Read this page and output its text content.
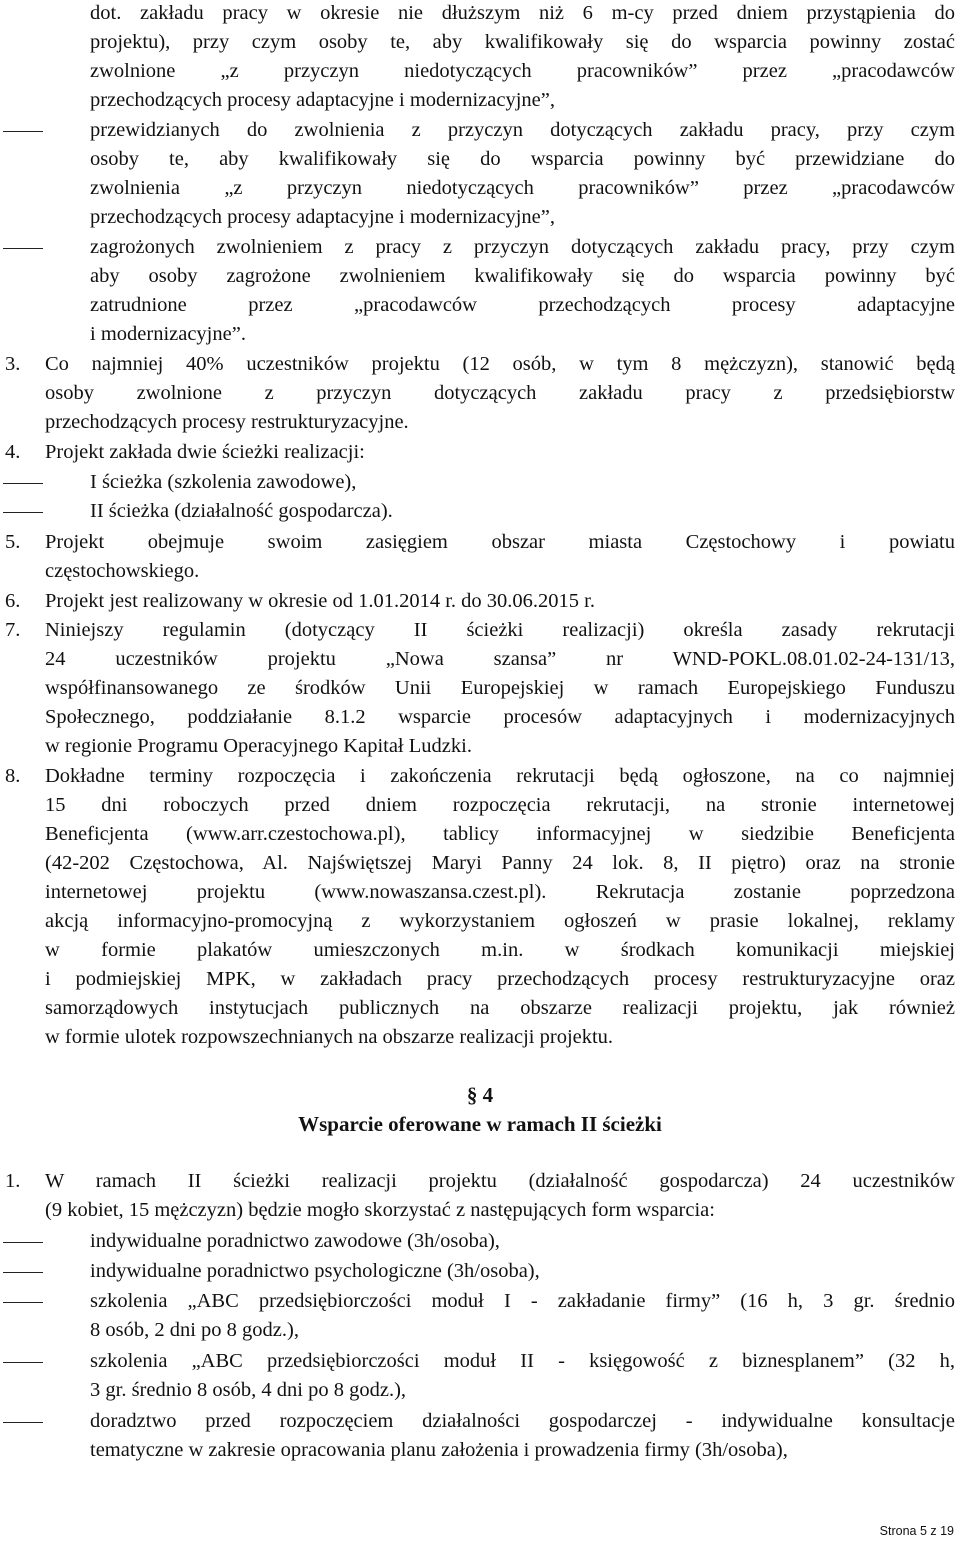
dot. zakładu pracy w okresie nie dłuższym niż 6 m-cy przed dniem przystąpienia do
projektu), przy czym osoby te, aby kwalifikowały się do wsparcia powinny zostać
zwolnione „z przyczyn niedotyczących pracowników” przez „pracodawców
przechodzących procesy adaptacyjne i modernizacyjne”,
przewidzianych do zwolnienia z przyczyn dotyczących zakładu pracy, przy czym
osoby te, aby kwalifikowały się do wsparcia powinny być przewidziane do
zwolnienia „z przyczyn niedotyczących pracowników” przez „pracodawców
przechodzących procesy adaptacyjne i modernizacyjne”,
zagrożonych zwolnieniem z pracy z przyczyn dotyczących zakładu pracy, przy czym
aby osoby zagrożone zwolnieniem kwalifikowały się do wsparcia powinny być
zatrudnione przez „pracodawców przechodzących procesy adaptacyjne
i modernizacyjne”.
3. Co najmniej 40% uczestników projektu (12 osób, w tym 8 mężczyzn), stanowić będą
osoby zwolnione z przyczyn dotyczących zakładu pracy z przedsiębiorstw
przechodzących procesy restrukturyzacyjne.
4. Projekt zakłada dwie ścieżki realizacji:
I ścieżka (szkolenia zawodowe),
II ścieżka (działalność gospodarcza).
5. Projekt obejmuje swoim zasięgiem obszar miasta Częstochowy i powiatu
częstochowskiego.
6. Projekt jest realizowany w okresie od 1.01.2014 r. do 30.06.2015 r.
7. Niniejszy regulamin (dotyczący II ścieżki realizacji) określa zasady rekrutacji
24 uczestników projektu „Nowa szansa” nr WND-POKL.08.01.02-24-131/13,
współfinansowanego ze środków Unii Europejskiej w ramach Europejskiego Funduszu
Społecznego, poddziałanie 8.1.2 wsparcie procesów adaptacyjnych i modernizacyjnych
w regionie Programu Operacyjnego Kapitał Ludzki.
8. Dokładne terminy rozpoczęcia i zakończenia rekrutacji będą ogłoszone, na co najmniej
15 dni roboczych przed dniem rozpoczęcia rekrutacji, na stronie internetowej
Beneficjenta (www.arr.czestochowa.pl), tablicy informacyjnej w siedzibie Beneficjenta
(42-202 Częstochowa, Al. Najświętszej Maryi Panny 24 lok. 8, II piętro) oraz na stronie
internetowej projektu (www.nowaszansa.czest.pl). Rekrutacja zostanie poprzedzona
akcją informacyjno-promocyjną z wykorzystaniem ogłoszeń w prasie lokalnej, reklamy
w formie plakatów umieszczonych m.in. w środkach komunikacji miejskiej
i podmiejskiej MPK, w zakładach pracy przechodzących procesy restrukturyzacyjne oraz
samorządowych instytucjach publicznych na obszarze realizacji projektu, jak również
w formie ulotek rozpowszechnianych na obszarze realizacji projektu.
§ 4
Wsparcie oferowane w ramach II ścieżki
1. W ramach II ścieżki realizacji projektu (działalność gospodarcza) 24 uczestników
(9 kobiet, 15 mężczyzn) będzie mogło skorzystać z następujących form wsparcia:
indywidualne poradnictwo zawodowe (3h/osoba),
indywidualne poradnictwo psychologiczne (3h/osoba),
szkolenia „ABC przedsiębiorczości moduł I - zakładanie firmy” (16 h, 3 gr. średnio
8 osób, 2 dni po 8 godz.),
szkolenia „ABC przedsiębiorczości moduł II - księgowość z biznesplanem” (32 h,
3 gr. średnio 8 osób, 4 dni po 8 godz.),
doradztwo przed rozpoczęciem działalności gospodarczej - indywidualne konsultacje
tematyczne w zakresie opracowania planu założenia i prowadzenia firmy (3h/osoba),
Strona 5 z 19
